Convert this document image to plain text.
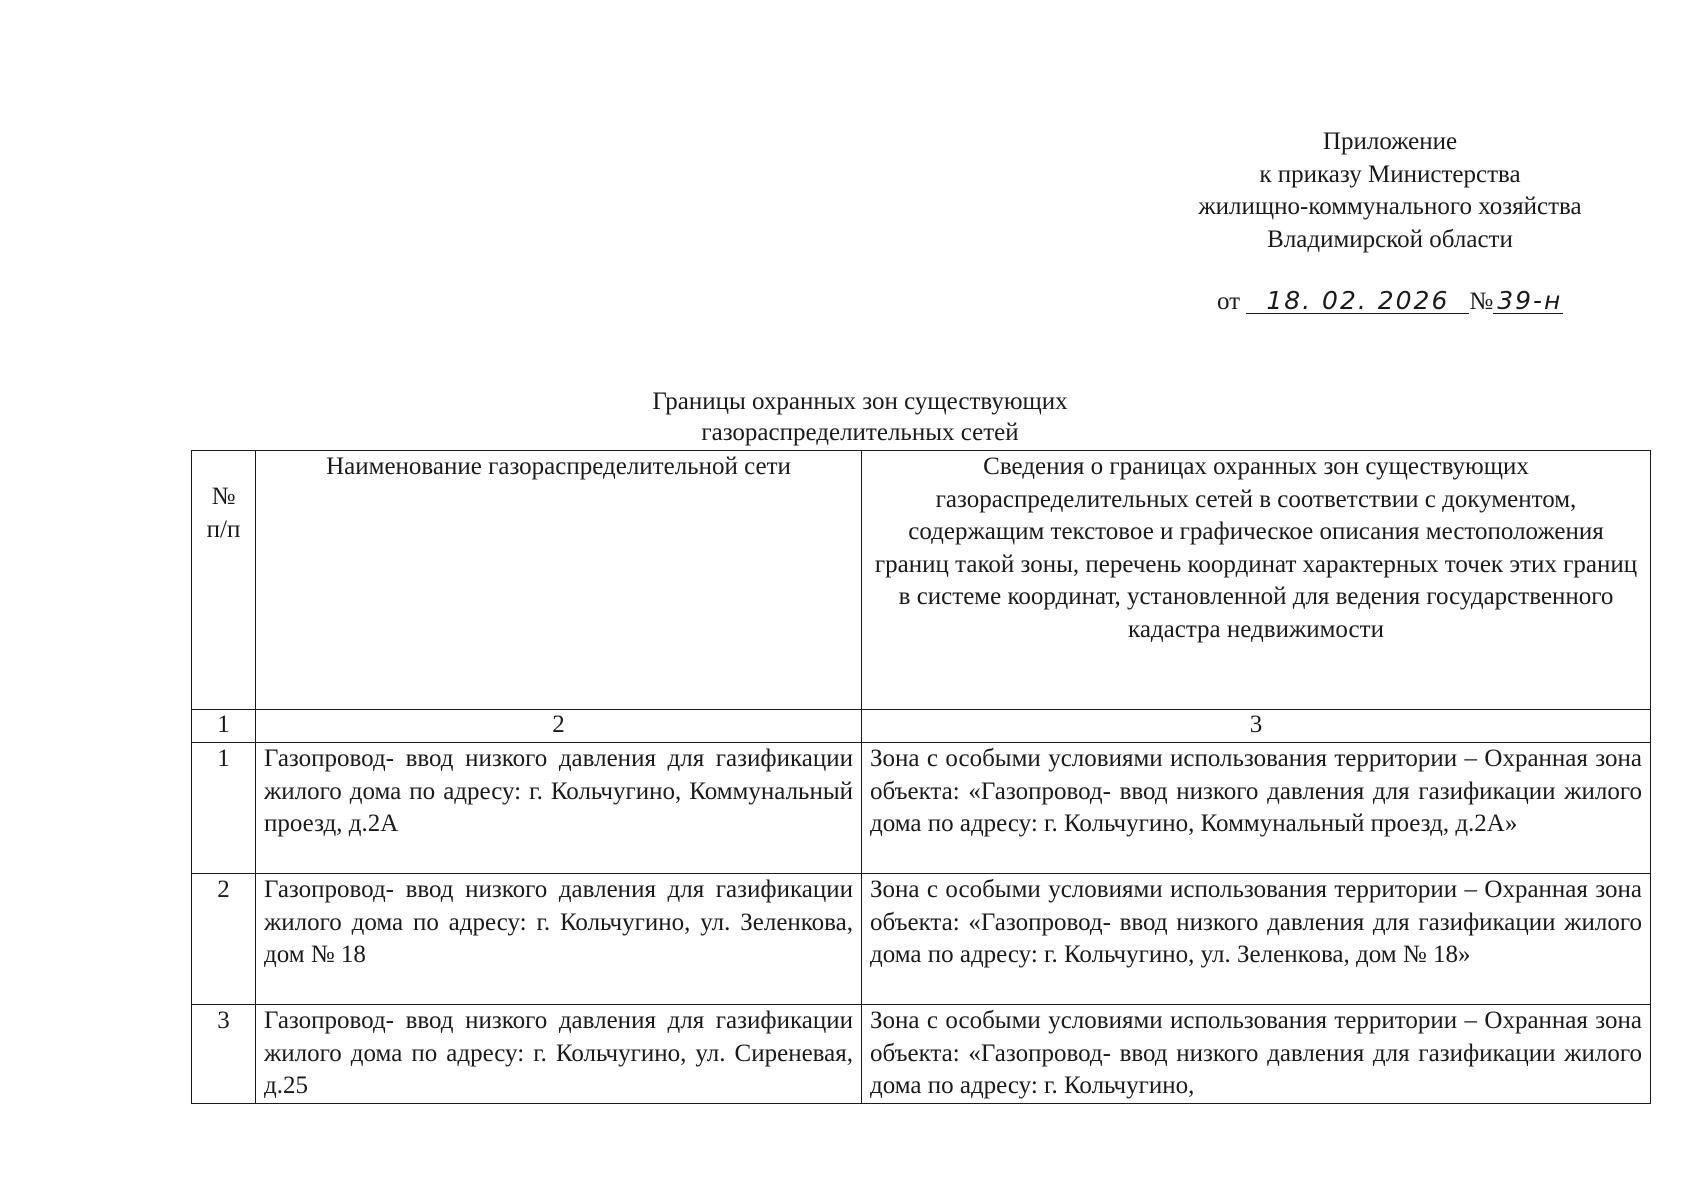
Приложение
к приказу Министерства
жилищно-коммунального хозяйства
Владимирской области
от 18. 02. 2026 № 39-н
Границы охранных зон существующих
газораспределительных сетей
№ п/п	Наименование газораспределительной сети	Сведения о границах охранных зон существующих газораспределительных сетей в соответствии с документом, содержащим текстовое и графическое описания местоположения границ такой зоны, перечень координат характерных точек этих границ в системе координат, установленной для ведения государственного кадастра недвижимости
1	2	3
1	Газопровод- ввод низкого давления для газификации жилого дома по адресу: г. Кольчугино, Коммунальный проезд, д.2А	Зона с особыми условиями использования территории – Охранная зона объекта: «Газопровод- ввод низкого давления для газификации жилого дома по адресу: г. Кольчугино, Коммунальный проезд, д.2А»
2	Газопровод- ввод низкого давления для газификации жилого дома по адресу: г. Кольчугино, ул. Зеленкова, дом № 18	Зона с особыми условиями использования территории – Охранная зона объекта: «Газопровод- ввод низкого давления для газификации жилого дома по адресу: г. Кольчугино, ул. Зеленкова, дом № 18»
3	Газопровод- ввод низкого давления для газификации жилого дома по адресу: г. Кольчугино, ул. Сиреневая, д.25	Зона с особыми условиями использования территории – Охранная зона объекта: «Газопровод- ввод низкого давления для газификации жилого дома по адресу: г. Кольчугино,
